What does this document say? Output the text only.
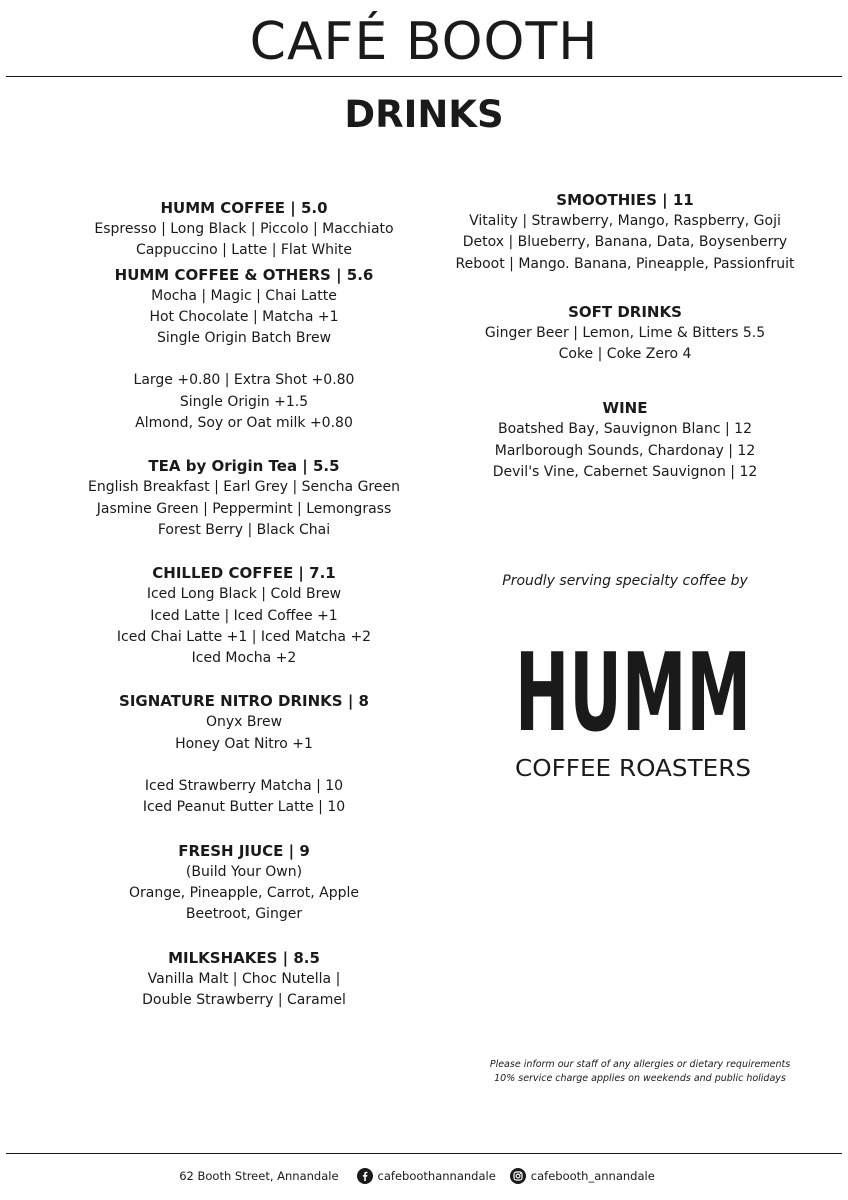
CAFÉ BOOTH
DRINKS

HUMM COFFEE | 5.0

Espresso | Long Black | Piccolo | Macchiato

Cappuccino | Latte | Flat White

HUMM COFFEE & OTHERS | 5.6

Mocha | Magic | Chai Latte

Hot Chocolate | Matcha +1

Single Origin Batch Brew

Large +0.80 | Extra Shot +0.80

Single Origin +1.5

Almond, Soy or Oat milk +0.80

TEA by Origin Tea | 5.5

English Breakfast | Earl Grey | Sencha Green

Jasmine Green | Peppermint | Lemongrass

Forest Berry | Black Chai

CHILLED COFFEE | 7.1

Iced Long Black | Cold Brew

Iced Latte | Iced Coffee +1

Iced Chai Latte +1 | Iced Matcha +2

Iced Mocha +2

SIGNATURE NITRO DRINKS | 8

Onyx Brew

Honey Oat Nitro +1

Iced Strawberry Matcha | 10

Iced Peanut Butter Latte | 10

FRESH JIUCE | 9

(Build Your Own)

Orange, Pineapple, Carrot, Apple

Beetroot, Ginger

MILKSHAKES | 8.5

Vanilla Malt | Choc Nutella |

Double Strawberry | Caramel

SMOOTHIES | 11

Vitality | Strawberry, Mango, Raspberry, Goji

Detox | Blueberry, Banana, Data, Boysenberry

Reboot | Mango. Banana, Pineapple, Passionfruit

SOFT DRINKS

Ginger Beer | Lemon, Lime & Bitters 5.5

Coke | Coke Zero 4

WINE

Boatshed Bay, Sauvignon Blanc | 12

Marlborough Sounds, Chardonay | 12

Devil's Vine, Cabernet Sauvignon | 12

Proudly serving specialty coffee by
HUMM
COFFEE ROASTERS
Please inform our staff of any allergies or dietary requirements
10% service charge applies on weekends and public holidays
62 Booth Street, Annandale	cafeboothannandale	cafebooth_annandale
